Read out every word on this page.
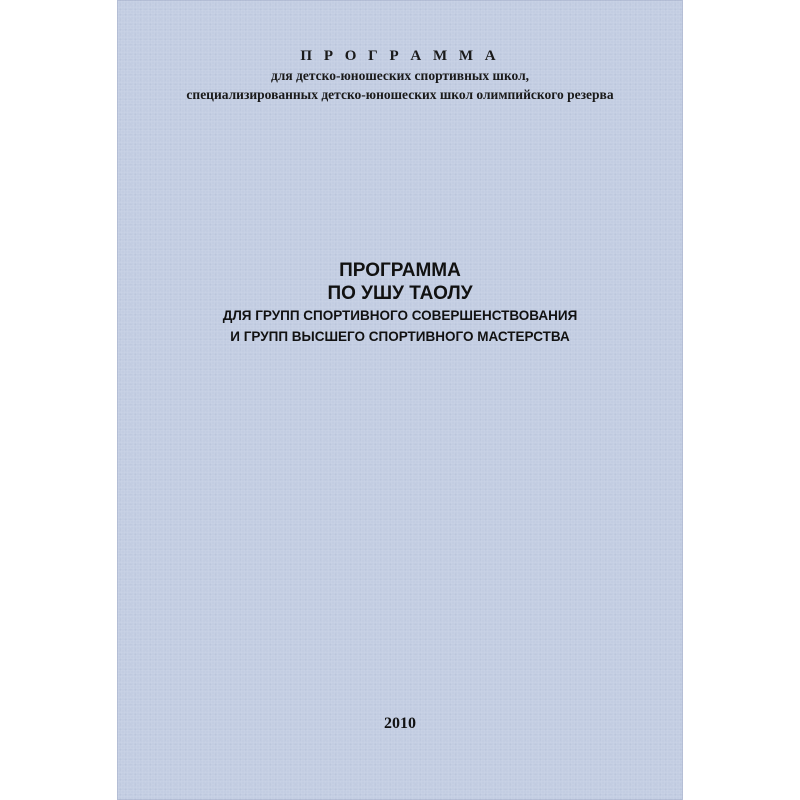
П Р О Г Р А М М А
для детско-юношеских спортивных школ,
специализированных детско-юношеских школ олимпийского резерва
ПРОГРАММА
ПО УШУ ТАОЛУ
ДЛЯ ГРУПП СПОРТИВНОГО СОВЕРШЕНСТВОВАНИЯ
И ГРУПП ВЫСШЕГО СПОРТИВНОГО МАСТЕРСТВА
2010
